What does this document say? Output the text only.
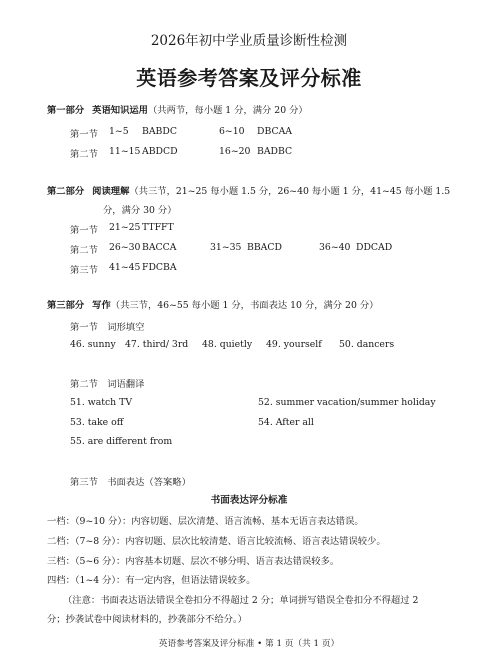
2026年初中学业质量诊断性检测
英语参考答案及评分标准
第一部分 英语知识运用（共两节，每小题 1 分，满分 20 分）
第一节 1~5 BABDC	6~10 DBCAA
第二节 11~15 ABDCD	16~20 BADBC
第二部分 阅读理解（共三节，21~25 每小题 1.5 分，26~40 每小题 1 分，41~45 每小题 1.5
分，满分 30 分）
第一节 21~25 TTFFT
第二节 26~30 BACCA	31~35 BBACD	36~40 DDCAD
第三节 41~45 FDCBA
第三部分 写作（共三节，46~55 每小题 1 分，书面表达 10 分，满分 20 分）
第一节　词形填空
46. sunny 47. third/ 3rd 48. quietly 49. yourself 50. dancers
第二节　词语翻译
51. watch TV	52. summer vacation/summer holiday
53. take off	54. After all
55. are different from
第三节　书面表达（答案略）
书面表达评分标准
一档：（9~10 分）：内容切题、层次清楚、语言流畅、基本无语言表达错误。
二档：（7~8 分）：内容切题、层次比较清楚、语言比较流畅、语言表达错误较少。
三档：（5~6 分）：内容基本切题、层次不够分明、语言表达错误较多。
四档：（1~4 分）：有一定内容，但语法错误较多。
（注意：书面表达语法错误全卷扣分不得超过 2 分；单词拼写错误全卷扣分不得超过 2
分；抄袭试卷中阅读材料的，抄袭部分不给分。）
英语参考答案及评分标准 • 第 1 页（共 1 页）
